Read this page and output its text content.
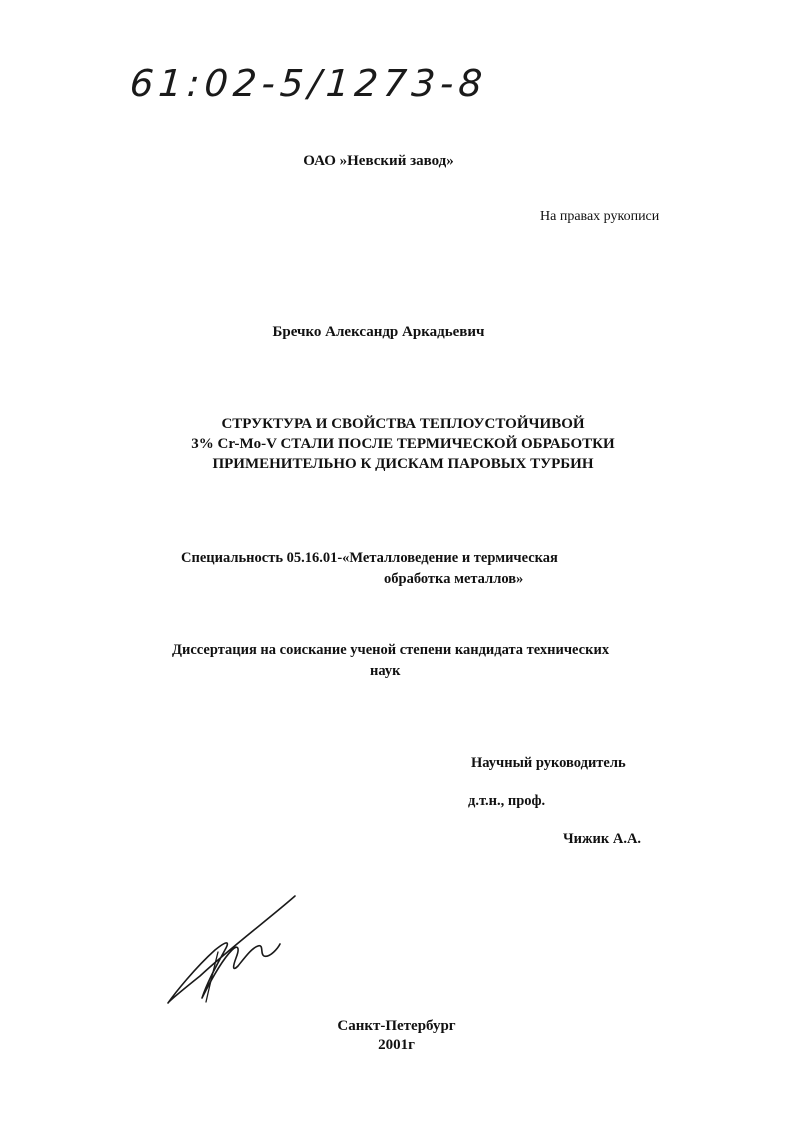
61:02-5/1273-8
ОАО »Невский завод»
На правах рукописи
Бречко Александр Аркадьевич
СТРУКТУРА И СВОЙСТВА ТЕПЛОУСТОЙЧИВОЙ
3% Cr-Mo-V СТАЛИ ПОСЛЕ ТЕРМИЧЕСКОЙ ОБРАБОТКИ
ПРИМЕНИТЕЛЬНО К ДИСКАМ ПАРОВЫХ ТУРБИН
Специальность 05.16.01-«Металловедение и термическая
обработка металлов»
Диссертация на соискание ученой степени кандидата технических
наук
Научный руководитель
д.т.н., проф.
Чижик А.А.
Санкт-Петербург
2001г
